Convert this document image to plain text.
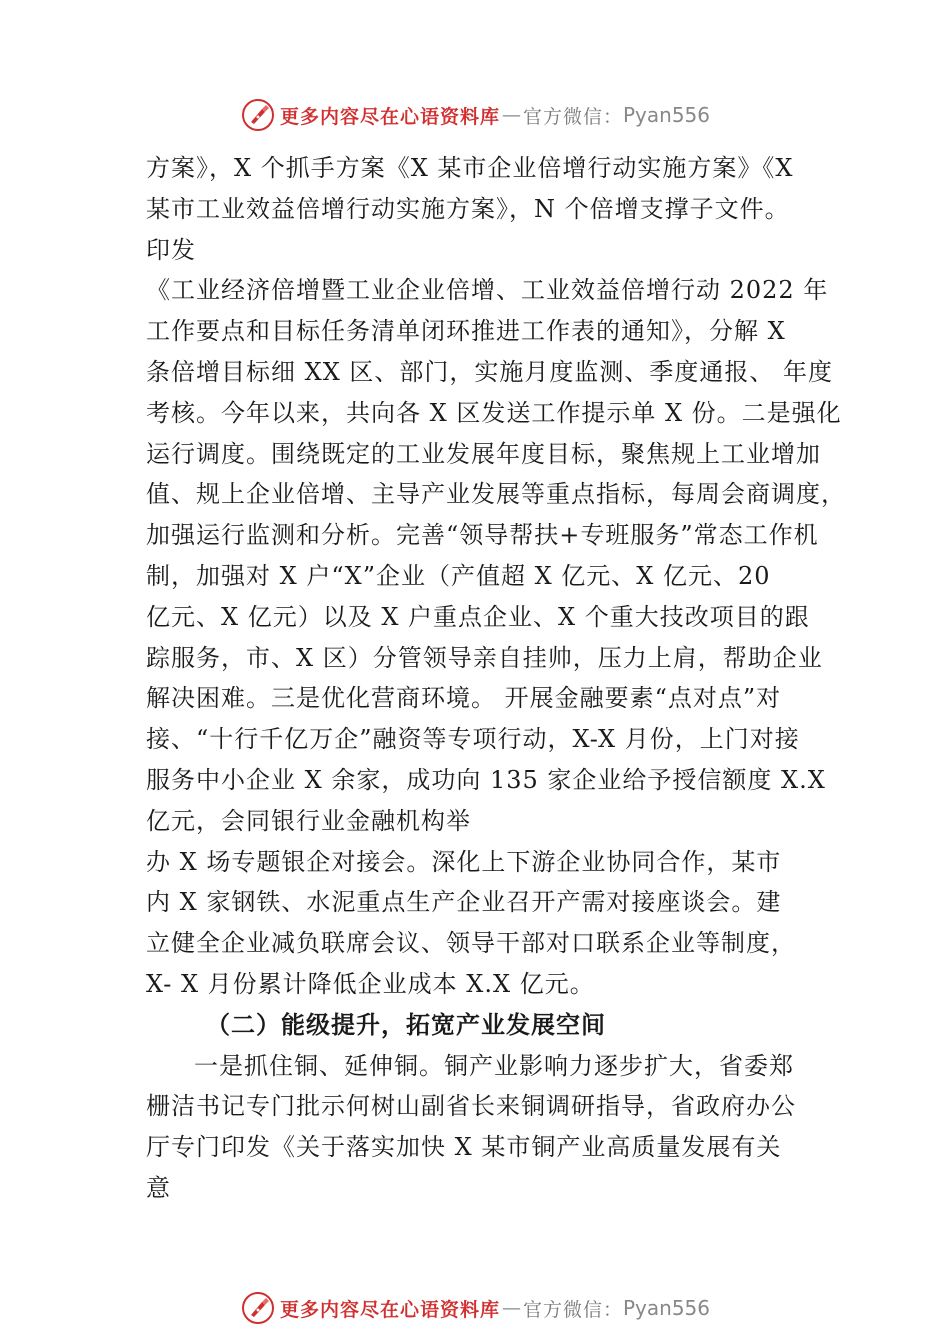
更多内容尽在心语资料库 — 官方微信： Pyan556
方案》，X 个抓手方案《X 某市企业倍增行动实施方案》《X
某市工业效益倍增行动实施方案》，N 个倍增支撑子文件。
印发
《工业经济倍增暨工业企业倍增、工业效益倍增行动 2022 年
工作要点和目标任务清单闭环推进工作表的通知》，分解 X
条倍增目标细 XX 区、部门，实施月度监测、季度通报、 年度
考核。今年以来，共向各 X 区发送工作提示单 X 份。二是强化
运行调度。围绕既定的工业发展年度目标，聚焦规上工业增加
值、规上企业倍增、主导产业发展等重点指标，每周会商调度，
加强运行监测和分析。完善“领导帮扶+专班服务”常态工作机
制，加强对 X 户“X”企业（产值超 X 亿元、X 亿元、20
亿元、X 亿元）以及 X 户重点企业、X 个重大技改项目的跟
踪服务，市、X 区）分管领导亲自挂帅，压力上肩，帮助企业
解决困难。三是优化营商环境。 开展金融要素“点对点”对
接、“十行千亿万企”融资等专项行动，X-X 月份，上门对接
服务中小企业 X 余家，成功向 135 家企业给予授信额度 X.X
亿元，会同银行业金融机构举
办 X 场专题银企对接会。深化上下游企业协同合作，某市
内 X 家钢铁、水泥重点生产企业召开产需对接座谈会。建
立健全企业减负联席会议、领导干部对口联系企业等制度，
X- X 月份累计降低企业成本 X.X 亿元。
（二）能级提升，拓宽产业发展空间
一是抓住铜、延伸铜。铜产业影响力逐步扩大，省委郑
栅洁书记专门批示何树山副省长来铜调研指导，省政府办公
厅专门印发《关于落实加快 X 某市铜产业高质量发展有关
意
更多内容尽在心语资料库 — 官方微信： Pyan556
